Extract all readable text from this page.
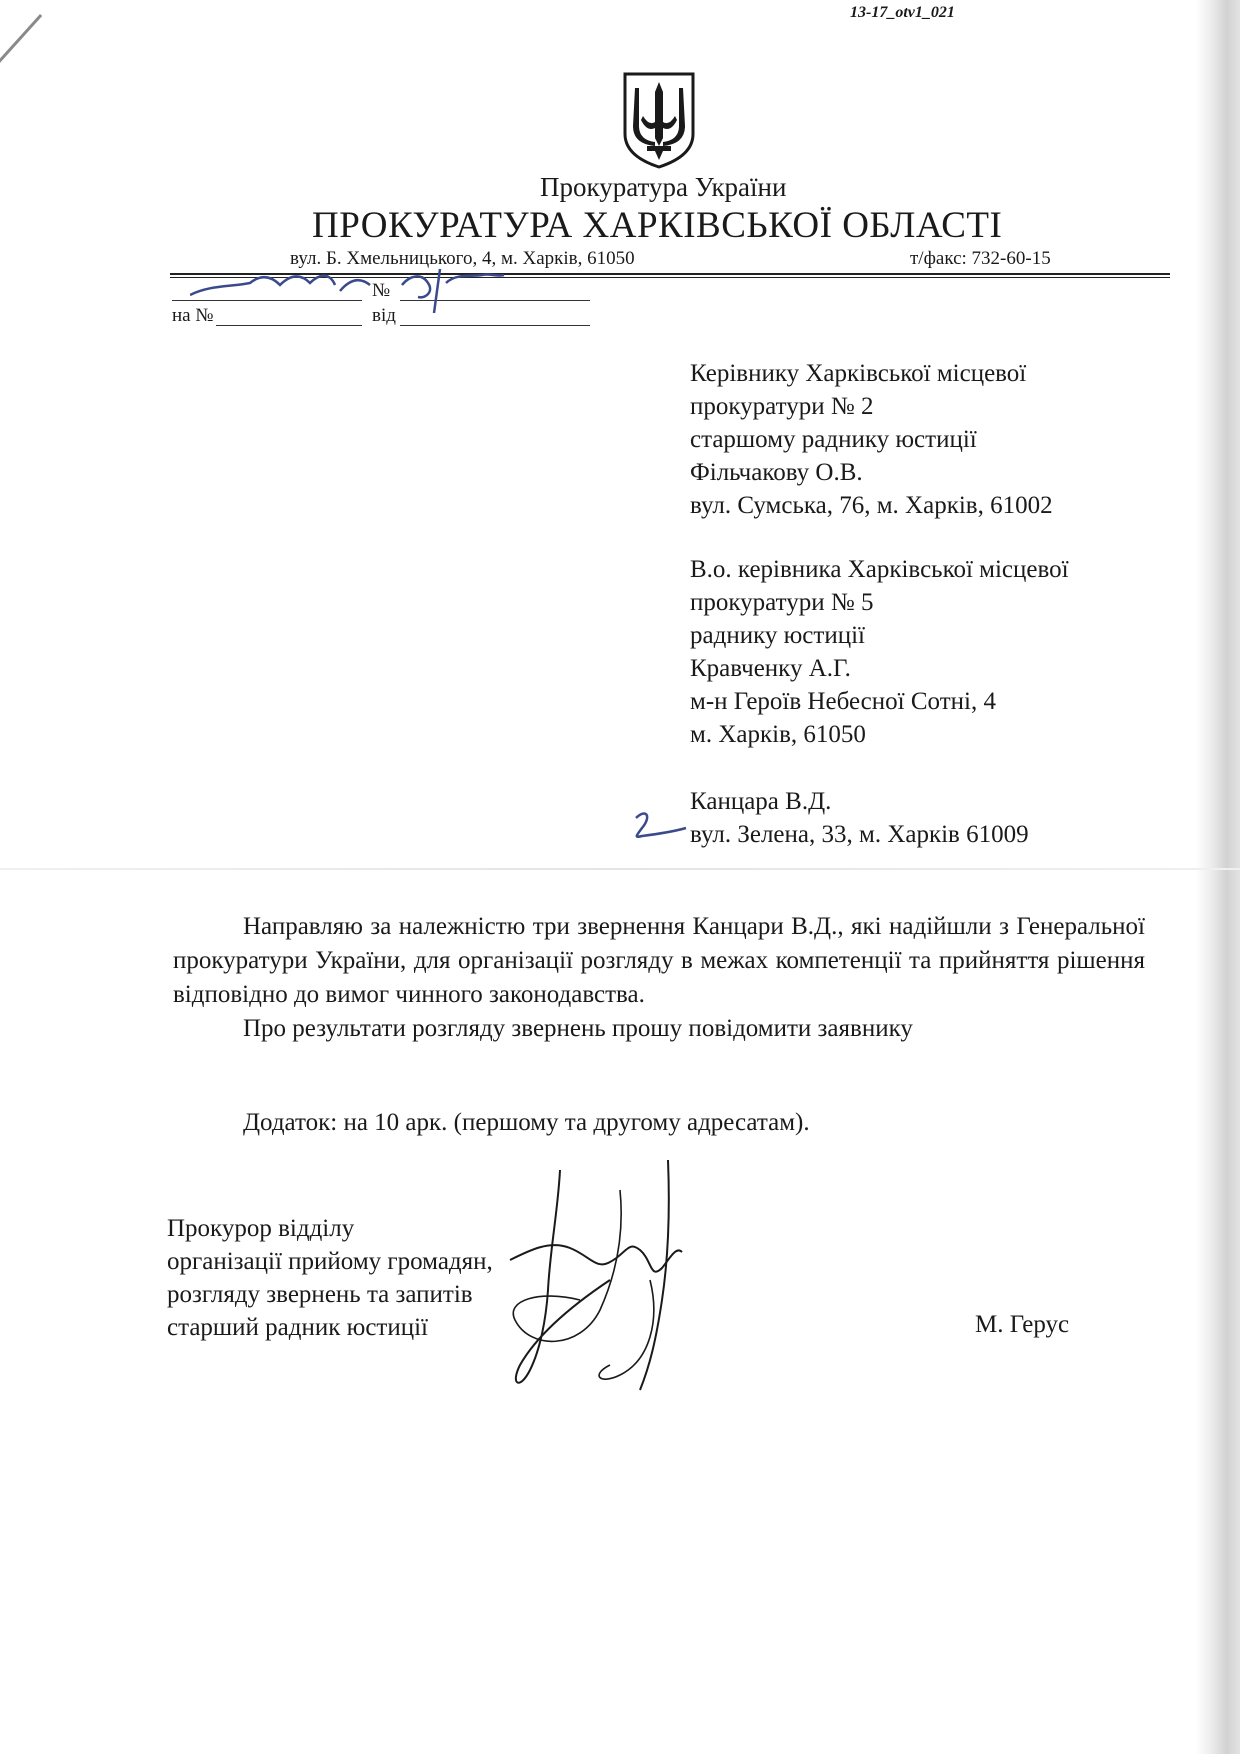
13-17_otv1_021
Прокуратура України
ПРОКУРАТУРА ХАРКІВСЬКОЇ ОБЛАСТІ
вул. Б. Хмельницького, 4, м. Харків, 61050	т/факс: 732-60-15
№
на №	від
Керівнику Харківської місцевої
прокуратури № 2
старшому раднику юстиції
Фільчакову О.В.
вул. Сумська, 76, м. Харків, 61002
В.о. керівника Харківської місцевої
прокуратури № 5
раднику юстиції
Кравченку А.Г.
м-н Героїв Небесної Сотні, 4
м. Харків, 61050
Канцара В.Д.
вул. Зелена, 33, м. Харків 61009

Направляю за належністю три звернення Канцари В.Д., які надійшли з Генеральної прокуратури України, для організації розгляду в межах компетенції та прийняття рішення відповідно до вимог чинного законодавства.

Про результати розгляду звернень прошу повідомити заявнику

Додаток: на 10 арк. (першому та другому адресатам).
Прокурор відділу
організації прийому громадян,
розгляду звернень та запитів
старший радник юстиції	М. Герус
